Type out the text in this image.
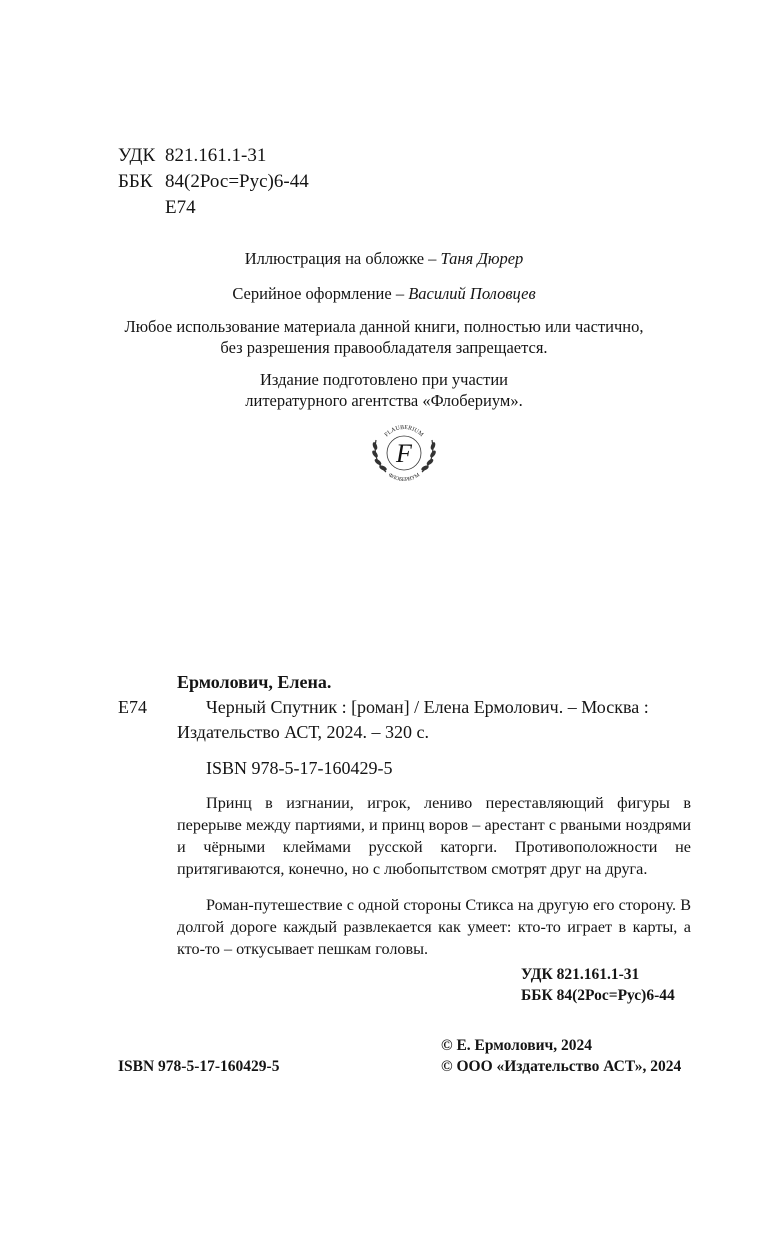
УДК 821.161.1-31
ББК 84(2Рос=Рус)6-44
Е74
Иллюстрация на обложке – Таня Дюрер
Серийное оформление – Василий Половцев
Любое использование материала данной книги, полностью или частично,
без разрешения правообладателя запрещается.
Издание подготовлено при участии
литературного агентства «Флобериум».
FLAUBERIUM
ФЛОБЕРИУМ
F
Ермолович, Елена.
Е74	Черный Спутник : [роман] / Елена Ермолович. – Москва :
Издательство АСТ, 2024. – 320 с.
ISBN 978-5-17-160429-5

Принц в изгнании, игрок, лениво переставляющий фигуры в перерыве между партиями, и принц воров – арестант с рваными ноздрями и чёрными клеймами русской каторги. Противоположности не притягиваются, конечно, но с любопытством смотрят друг на друга.

Роман-путешествие с одной стороны Стикса на другую его сторону. В долгой дороге каждый развлекается как умеет: кто-то играет в карты, а кто-то – откусывает пешкам головы.

УДК 821.161.1-31
ББК 84(2Рос=Рус)6-44
© Е. Ермолович, 2024
ISBN 978-5-17-160429-5	© ООО «Издательство АСТ», 2024
